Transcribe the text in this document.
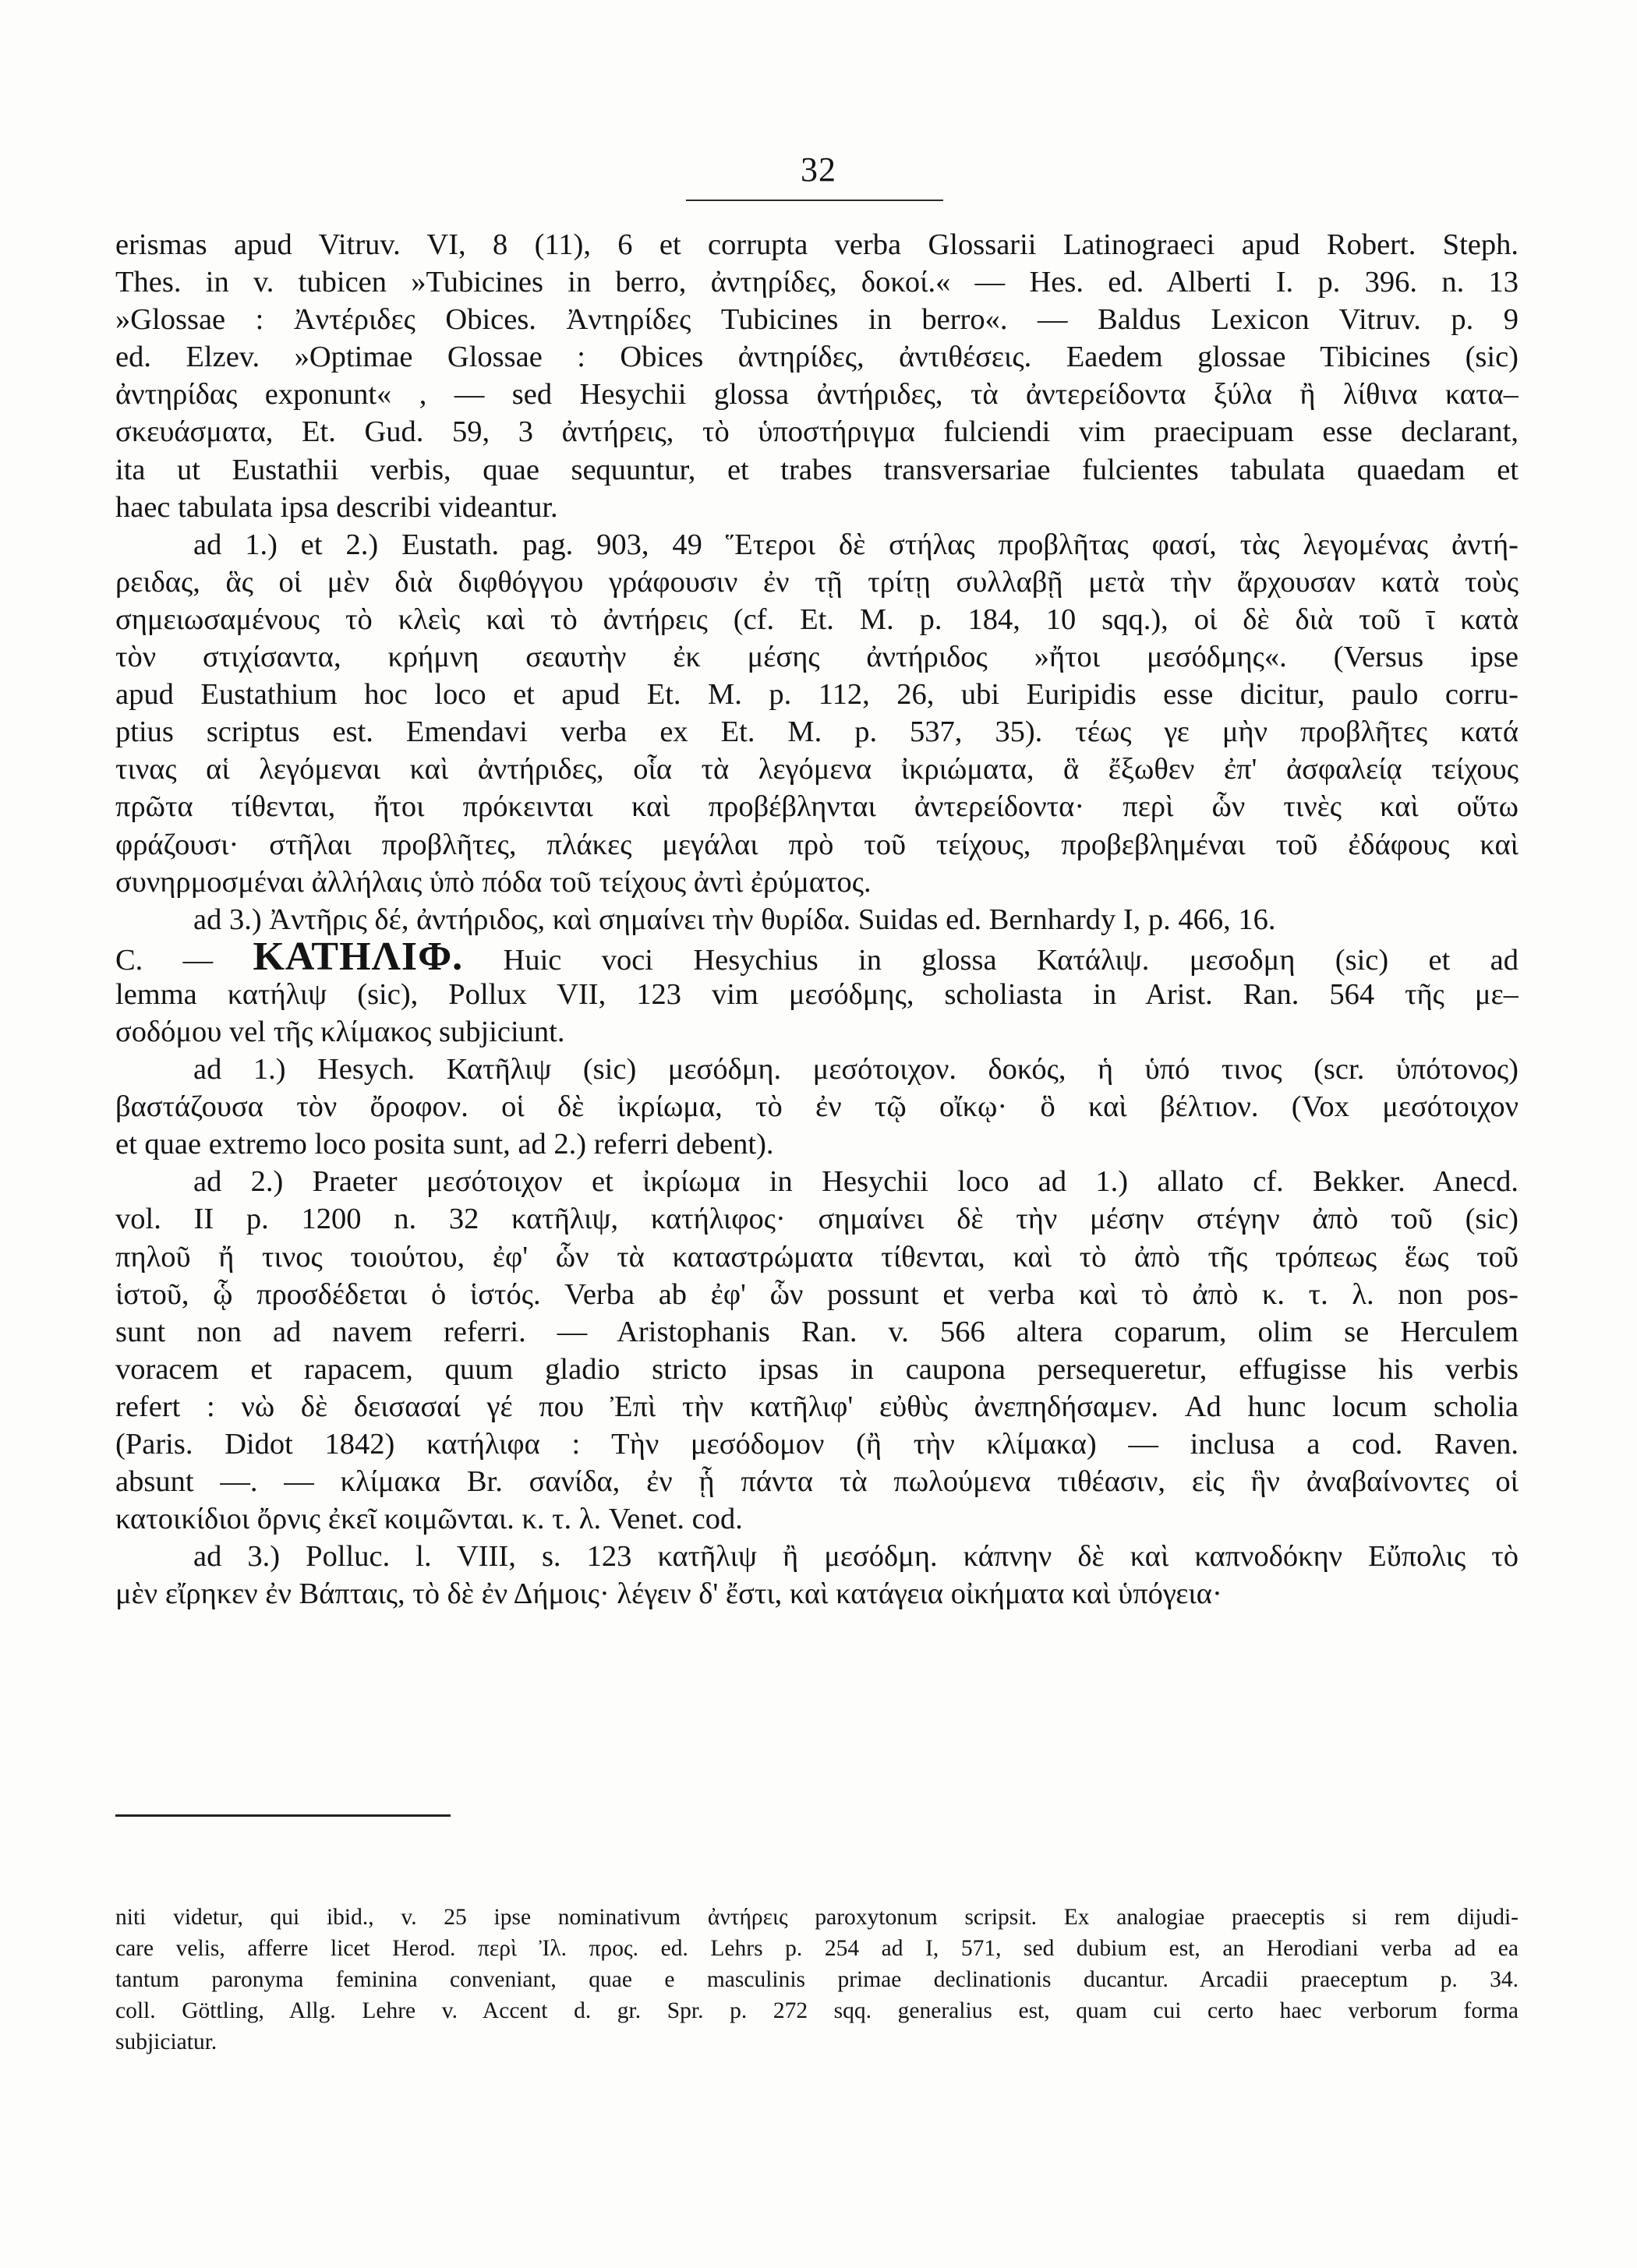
32
erismas apud Vitruv. VI, 8 (11), 6 et corrupta verba Glossarii Latinograeci apud Robert. Steph.
Thes. in v. tubicen »Tubicines in berro, ἀντηρίδες, δοκοί.« — Hes. ed. Alberti I. p. 396. n. 13
»Glossae : Ἀντέριδες Obices. Ἀντηρίδες Tubicines in berro«. — Baldus Lexicon Vitruv. p. 9
ed. Elzev. »Optimae Glossae : Obices ἀντηρίδες, ἀντιθέσεις. Eaedem glossae Tibicines (sic)
ἀντηρίδας exponunt« , — sed Hesychii glossa ἀντήριδες, τὰ ἀντερείδοντα ξύλα ἢ λίθινα κατα–
σκευάσματα, Et. Gud. 59, 3 ἀντήρεις, τὸ ὑποστήριγμα fulciendi vim praecipuam esse declarant,
ita ut Eustathii verbis, quae sequuntur, et trabes transversariae fulcientes tabulata quaedam et
haec tabulata ipsa describi videantur.
ad 1.) et 2.) Eustath. pag. 903, 49 Ἕτεροι δὲ στήλας προβλῆτας φασί, τὰς λεγομένας ἀντή-
ρειδας, ἃς οἱ μὲν διὰ διφθόγγου γράφουσιν ἐν τῇ τρίτῃ συλλαβῇ μετὰ τὴν ἄρχουσαν κατὰ τοὺς
σημειωσαμένους τὸ κλεὶς καὶ τὸ ἀντήρεις (cf. Et. M. p. 184, 10 sqq.), οἱ δὲ διὰ τοῦ ῑ κατὰ
τὸν στιχίσαντα, κρήμνη σεαυτὴν ἐκ μέσης ἀντήριδος »ἤτοι μεσόδμης«. (Versus ipse
apud Eustathium hoc loco et apud Et. M. p. 112, 26, ubi Euripidis esse dicitur, paulo corru-
ptius scriptus est. Emendavi verba ex Et. M. p. 537, 35). τέως γε μὴν προβλῆτες κατά
τινας αἱ λεγόμεναι καὶ ἀντήριδες, οἷα τὰ λεγόμενα ἰκριώματα, ἃ ἔξωθεν ἐπ' ἀσφαλείᾳ τείχους
πρῶτα τίθενται, ἤτοι πρόκεινται καὶ προβέβληνται ἀντερείδοντα· περὶ ὧν τινὲς καὶ οὕτω
φράζουσι· στῆλαι προβλῆτες, πλάκες μεγάλαι πρὸ τοῦ τείχους, προβεβλημέναι τοῦ ἐδάφους καὶ
συνηρμοσμέναι ἀλλήλαις ὑπὸ πόδα τοῦ τείχους ἀντὶ ἐρύματος.
ad 3.) Ἀντῆρις δέ, ἀντήριδος, καὶ σημαίνει τὴν θυρίδα. Suidas ed. Bernhardy I, p. 466, 16.
C. — ΚΑΤΗΛΙΦ. Huic voci Hesychius in glossa Κατάλιψ. μεσοδμη (sic) et ad
lemma κατήλιψ (sic), Pollux VII, 123 vim μεσόδμης, scholiasta in Arist. Ran. 564 τῆς με–
σοδόμου vel τῆς κλίμακος subjiciunt.
ad 1.) Hesych. Κατῆλιψ (sic) μεσόδμη. μεσότοιχον. δοκός, ἡ ὑπό τινος (scr. ὑπότονος)
βαστάζουσα τὸν ὄροφον. οἱ δὲ ἰκρίωμα, τὸ ἐν τῷ οἴκῳ· ὃ καὶ βέλτιον. (Vox μεσότοιχον
et quae extremo loco posita sunt, ad 2.) referri debent).
ad 2.) Praeter μεσότοιχον et ἰκρίωμα in Hesychii loco ad 1.) allato cf. Bekker. Anecd.
vol. II p. 1200 n. 32 κατῆλιψ, κατήλιφος· σημαίνει δὲ τὴν μέσην στέγην ἀπὸ τοῦ (sic)
πηλοῦ ἤ τινος τοιούτου, ἐφ' ὧν τὰ καταστρώματα τίθενται, καὶ τὸ ἀπὸ τῆς τρόπεως ἕως τοῦ
ἱστοῦ, ᾧ προσδέδεται ὁ ἱστός. Verba ab ἐφ' ὧν possunt et verba καὶ τὸ ἀπὸ κ. τ. λ. non pos-
sunt non ad navem referri. — Aristophanis Ran. v. 566 altera coparum, olim se Herculem
voracem et rapacem, quum gladio stricto ipsas in caupona persequeretur, effugisse his verbis
refert : νὼ δὲ δεισασαί γέ που Ἐπὶ τὴν κατῆλιφ' εὐθὺς ἀνεπηδήσαμεν. Ad hunc locum scholia
(Paris. Didot 1842) κατήλιφα : Τὴν μεσόδομον (ἢ τὴν κλίμακα) — inclusa a cod. Raven.
absunt —. — κλίμακα Br. σανίδα, ἐν ᾗ πάντα τὰ πωλούμενα τιθέασιν, εἰς ἣν ἀναβαίνοντες οἱ
κατοικίδιοι ὄρνις ἐκεῖ κοιμῶνται. κ. τ. λ. Venet. cod.
ad 3.) Polluc. l. VIII, s. 123 κατῆλιψ ἢ μεσόδμη. κάπνην δὲ καὶ καπνοδόκην Εὔπολις τὸ
μὲν εἴρηκεν ἐν Βάπταις, τὸ δὲ ἐν Δήμοις· λέγειν δ' ἔστι, καὶ κατάγεια οἰκήματα καὶ ὑπόγεια·
niti videtur, qui ibid., v. 25 ipse nominativum ἀντήρεις paroxytonum scripsit. Ex analogiae praeceptis si rem dijudi-
care velis, afferre licet Herod. περὶ Ἰλ. προς. ed. Lehrs p. 254 ad I, 571, sed dubium est, an Herodiani verba ad ea
tantum paronyma feminina conveniant, quae e masculinis primae declinationis ducantur. Arcadii praeceptum p. 34.
coll. Göttling, Allg. Lehre v. Accent d. gr. Spr. p. 272 sqq. generalius est, quam cui certo haec verborum forma
subjiciatur.
